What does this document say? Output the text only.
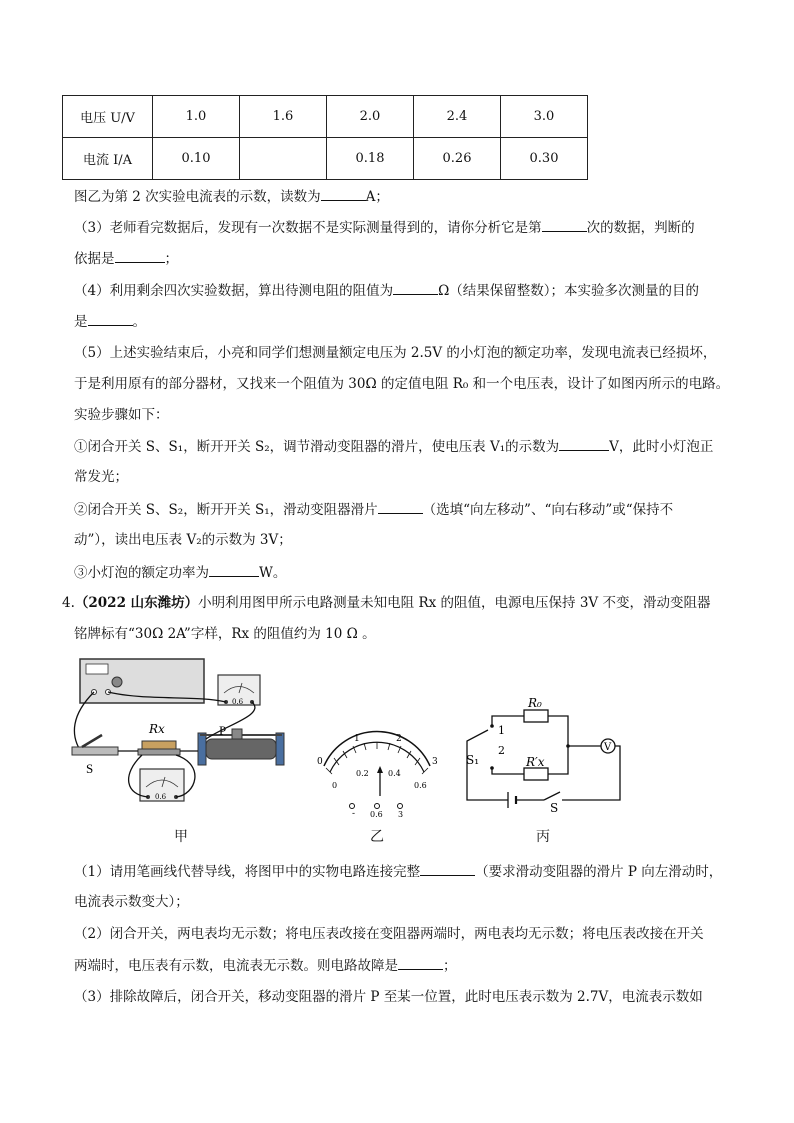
电压 U/V	1.0	1.6	2.0	2.4	3.0
电流 I/A	0.10		0.18	0.26	0.30
图乙为第 2 次实验电流表的示数，读数为	A；
（3）老师看完数据后，发现有一次数据不是实际测量得到的，请你分析它是第	次的数据，判断的
依据是	；
（4）利用剩余四次实验数据，算出待测电阻的阻值为	Ω（结果保留整数）；本实验多次测量的目的
是	。
（5）上述实验结束后，小亮和同学们想测量额定电压为 2.5V 的小灯泡的额定功率，发现电流表已经损坏，
于是利用原有的部分器材，又找来一个阻值为 30Ω 的定值电阻 R₀ 和一个电压表，设计了如图丙所示的电路。
实验步骤如下：
①闭合开关 S、S₁，断开开关 S₂，调节滑动变阻器的滑片，使电压表 V₁的示数为	V，此时小灯泡正
常发光；
②闭合开关 S、S₂，断开开关 S₁，滑动变阻器滑片	（选填“向左移动”、“向右移动”或“保持不
动”），读出电压表 V₂的示数为 3V；
③小灯泡的额定功率为	W。
4.（2022 山东潍坊）小明利用图甲所示电路测量未知电阻 Rx 的阻值，电源电压保持 3V 不变，滑动变阻器
铭牌标有“30Ω 2A”字样，Rx 的阻值约为 10 Ω 。
0.6
S
Rx	P
0.6
甲
0
1	2
3
0
0.2 0.4
0.6
- 0.6 3
乙
1
2
S₁
R₀
R′x
V
S
丙
（1）请用笔画线代替导线，将图甲中的实物电路连接完整	（要求滑动变阻器的滑片 P 向左滑动时，
电流表示数变大）；
（2）闭合开关，两电表均无示数；将电压表改接在变阻器两端时，两电表均无示数；将电压表改接在开关
两端时，电压表有示数，电流表无示数。则电路故障是	；
（3）排除故障后，闭合开关，移动变阻器的滑片 P 至某一位置，此时电压表示数为 2.7V，电流表示数如
